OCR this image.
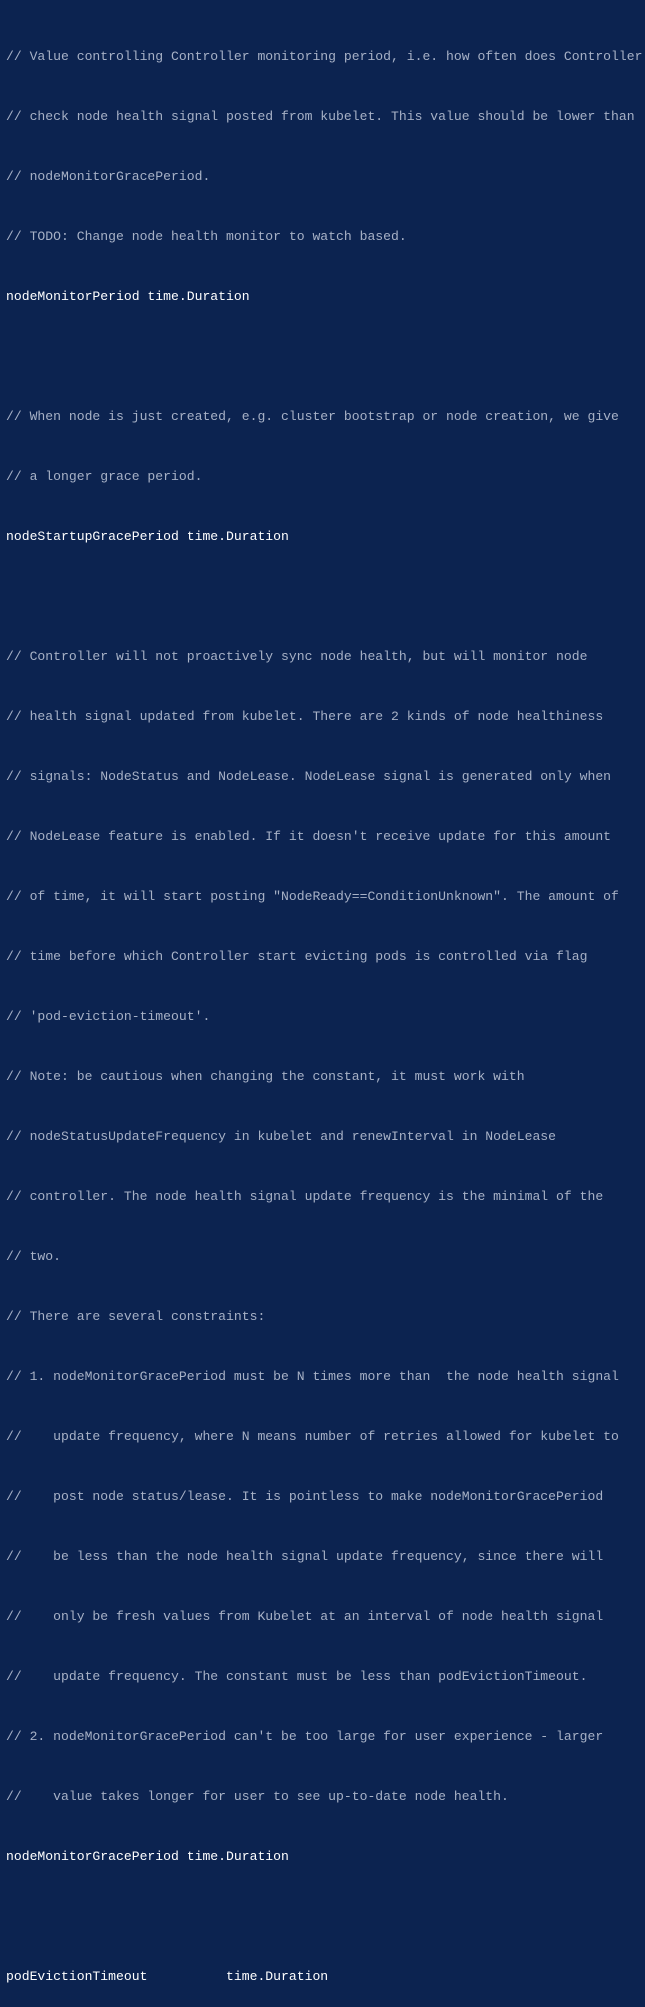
// Value controlling Controller monitoring period, i.e. how often does Controller

// check node health signal posted from kubelet. This value should be lower than

// nodeMonitorGracePeriod.

// TODO: Change node health monitor to watch based.

nodeMonitorPeriod time.Duration

// When node is just created, e.g. cluster bootstrap or node creation, we give

// a longer grace period.

nodeStartupGracePeriod time.Duration

// Controller will not proactively sync node health, but will monitor node

// health signal updated from kubelet. There are 2 kinds of node healthiness

// signals: NodeStatus and NodeLease. NodeLease signal is generated only when

// NodeLease feature is enabled. If it doesn't receive update for this amount

// of time, it will start posting "NodeReady==ConditionUnknown". The amount of

// time before which Controller start evicting pods is controlled via flag

// 'pod-eviction-timeout'.

// Note: be cautious when changing the constant, it must work with

// nodeStatusUpdateFrequency in kubelet and renewInterval in NodeLease

// controller. The node health signal update frequency is the minimal of the

// two.

// There are several constraints:

// 1. nodeMonitorGracePeriod must be N times more than  the node health signal

//    update frequency, where N means number of retries allowed for kubelet to

//    post node status/lease. It is pointless to make nodeMonitorGracePeriod

//    be less than the node health signal update frequency, since there will

//    only be fresh values from Kubelet at an interval of node health signal

//    update frequency. The constant must be less than podEvictionTimeout.

// 2. nodeMonitorGracePeriod can't be too large for user experience - larger

//    value takes longer for user to see up-to-date node health.

nodeMonitorGracePeriod time.Duration

podEvictionTimeout          time.Duration
